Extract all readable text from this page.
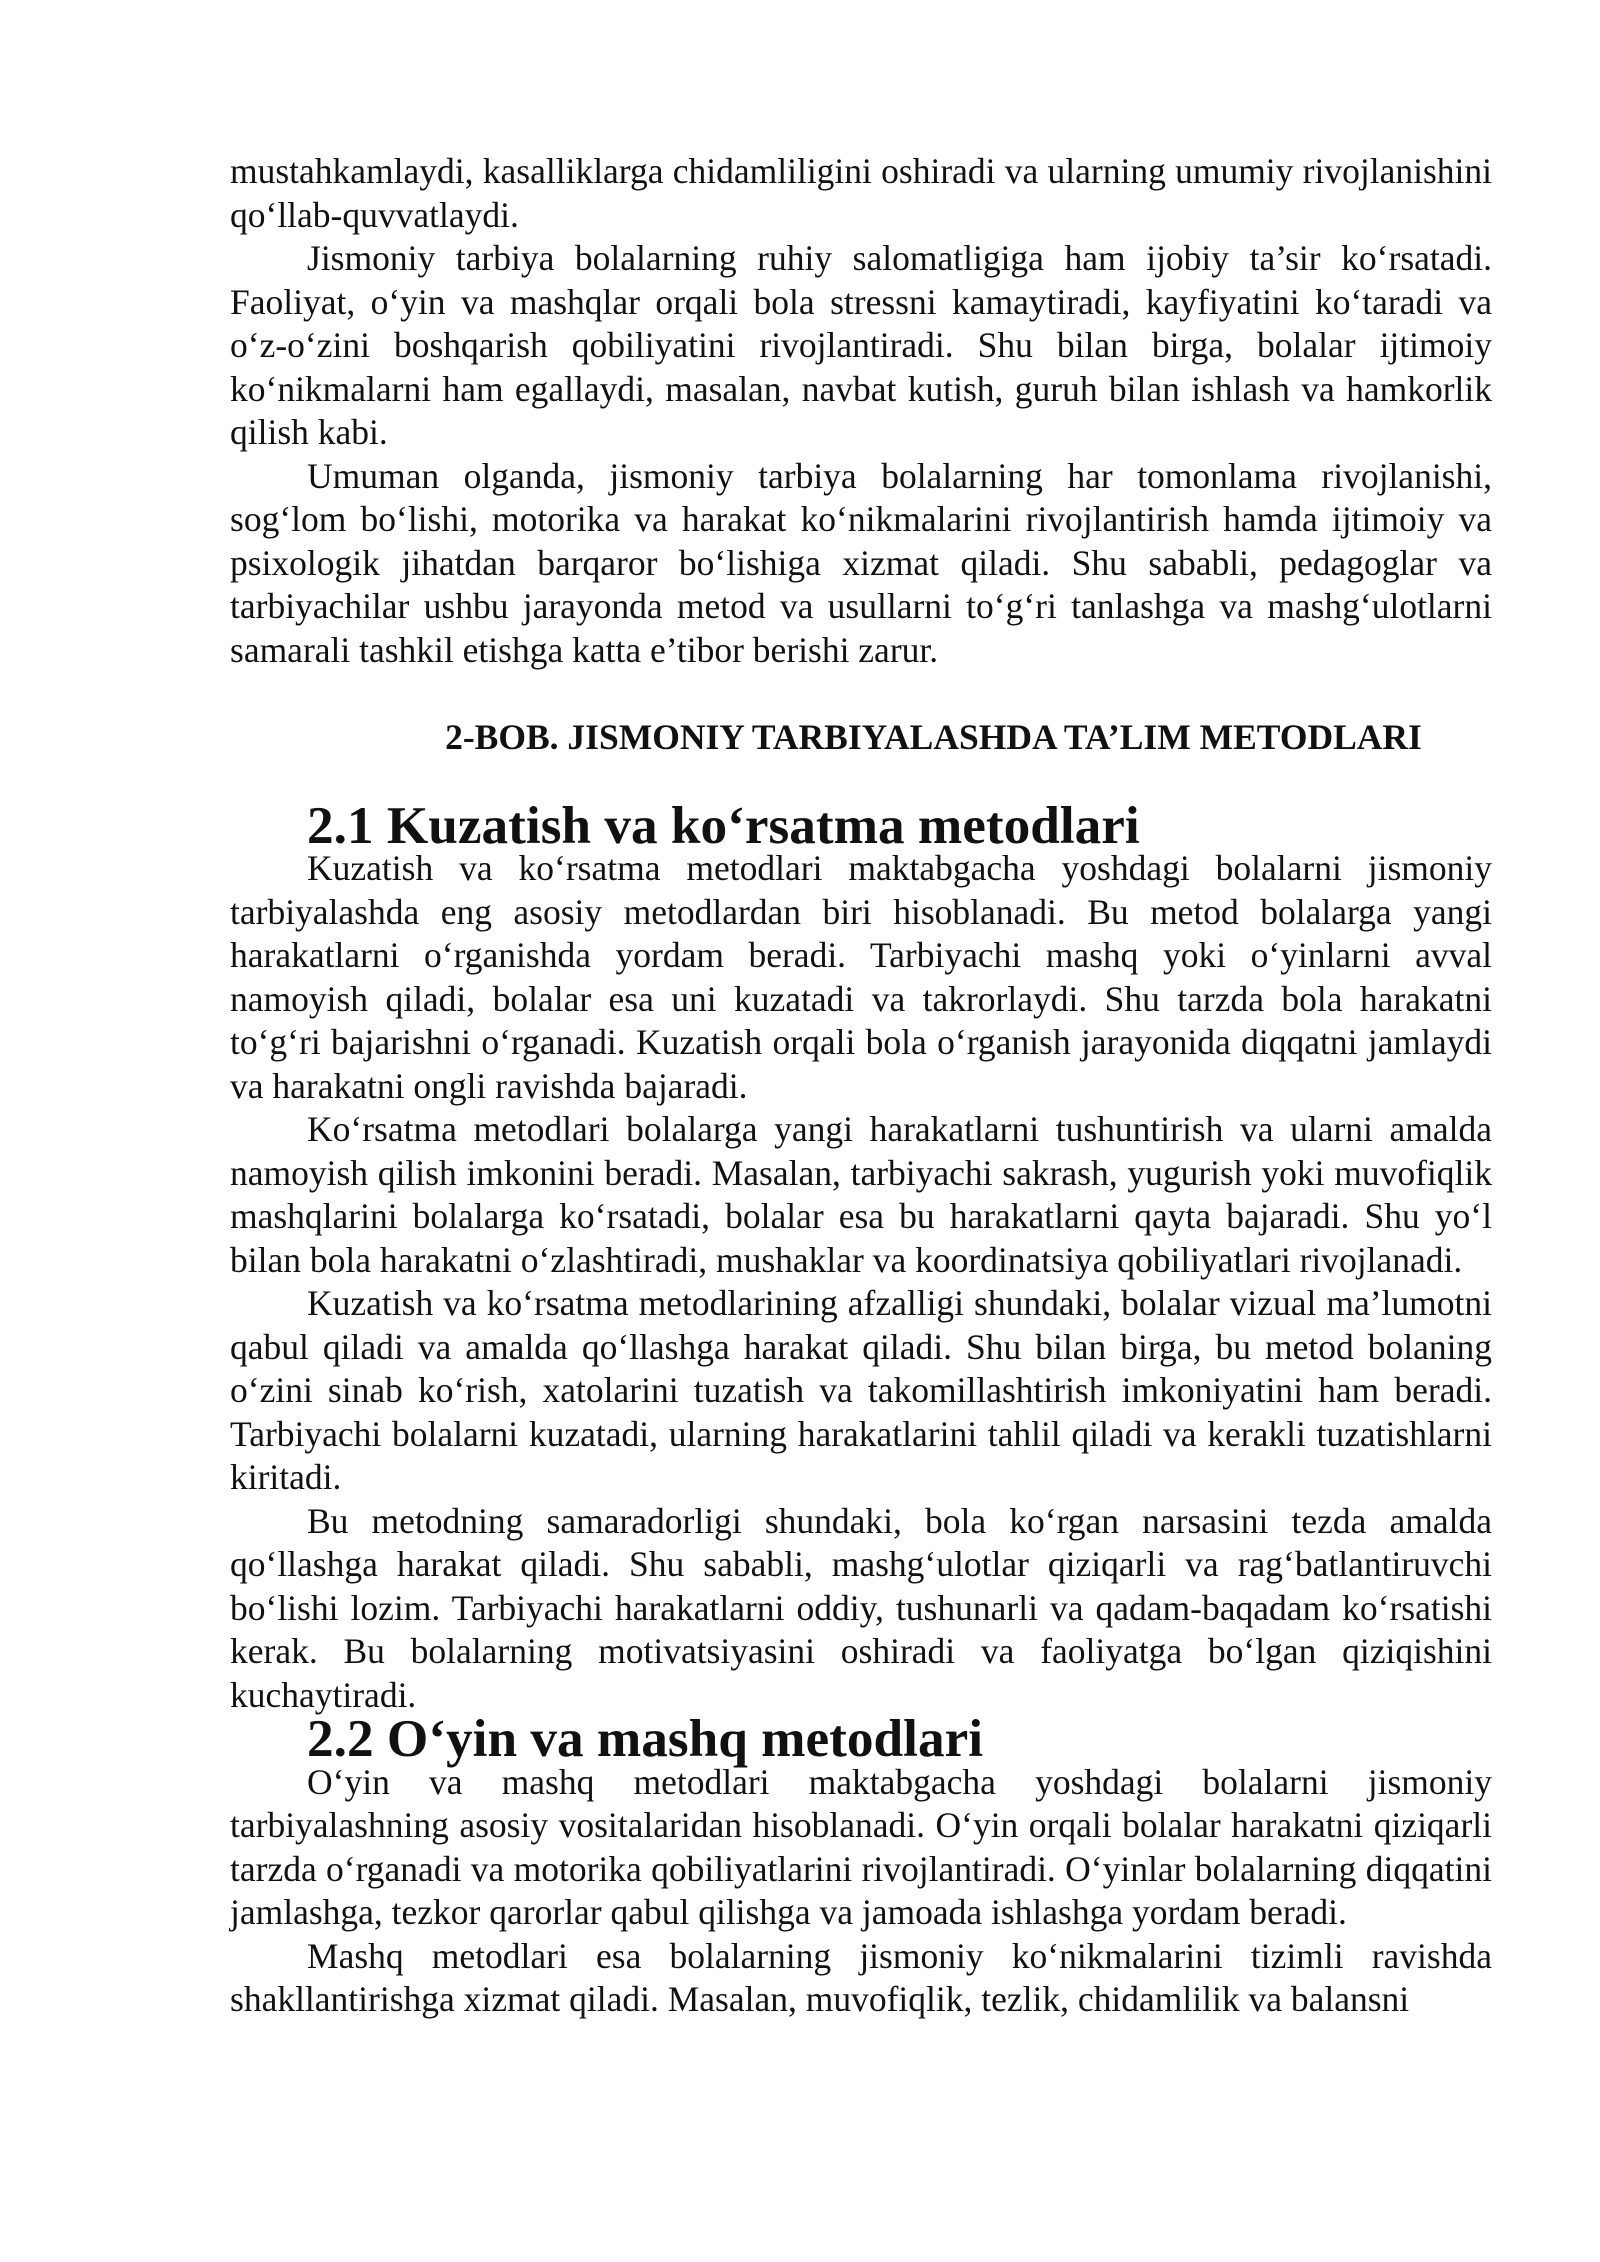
mustahkamlaydi, kasalliklarga chidamliligini oshiradi va ularning umumiy rivojlanishini qo‘llab-quvvatlaydi.

Jismoniy tarbiya bolalarning ruhiy salomatligiga ham ijobiy ta’sir ko‘rsatadi. Faoliyat, o‘yin va mashqlar orqali bola stressni kamaytiradi, kayfiyatini ko‘taradi va o‘z-o‘zini boshqarish qobiliyatini rivojlantiradi. Shu bilan birga, bolalar ijtimoiy ko‘nikmalarni ham egallaydi, masalan, navbat kutish, guruh bilan ishlash va hamkorlik qilish kabi.

Umuman olganda, jismoniy tarbiya bolalarning har tomonlama rivojlanishi, sog‘lom bo‘lishi, motorika va harakat ko‘nikmalarini rivojlantirish hamda ijtimoiy va psixologik jihatdan barqaror bo‘lishiga xizmat qiladi. Shu sababli, pedagoglar va tarbiyachilar ushbu jarayonda metod va usullarni to‘g‘ri tanlashga va mashg‘ulotlarni samarali tashkil etishga katta e’tibor berishi zarur.

2-BOB. JISMONIY TARBIYALASHDA TA’LIM METODLARI
2.1 Kuzatish va ko‘rsatma metodlari

Kuzatish va ko‘rsatma metodlari maktabgacha yoshdagi bolalarni jismoniy tarbiyalashda eng asosiy metodlardan biri hisoblanadi. Bu metod bolalarga yangi harakatlarni o‘rganishda yordam beradi. Tarbiyachi mashq yoki o‘yinlarni avval namoyish qiladi, bolalar esa uni kuzatadi va takrorlaydi. Shu tarzda bola harakatni to‘g‘ri bajarishni o‘rganadi. Kuzatish orqali bola o‘rganish jarayonida diqqatni jamlaydi va harakatni ongli ravishda bajaradi.

Ko‘rsatma metodlari bolalarga yangi harakatlarni tushuntirish va ularni amalda namoyish qilish imkonini beradi. Masalan, tarbiyachi sakrash, yugurish yoki muvofiqlik mashqlarini bolalarga ko‘rsatadi, bolalar esa bu harakatlarni qayta bajaradi. Shu yo‘l bilan bola harakatni o‘zlashtiradi, mushaklar va koordinatsiya qobiliyatlari rivojlanadi.

Kuzatish va ko‘rsatma metodlarining afzalligi shundaki, bolalar vizual ma’lumotni qabul qiladi va amalda qo‘llashga harakat qiladi. Shu bilan birga, bu metod bolaning o‘zini sinab ko‘rish, xatolarini tuzatish va takomillashtirish imkoniyatini ham beradi. Tarbiyachi bolalarni kuzatadi, ularning harakatlarini tahlil qiladi va kerakli tuzatishlarni kiritadi.

Bu metodning samaradorligi shundaki, bola ko‘rgan narsasini tezda amalda qo‘llashga harakat qiladi. Shu sababli, mashg‘ulotlar qiziqarli va rag‘batlantiruvchi bo‘lishi lozim. Tarbiyachi harakatlarni oddiy, tushunarli va qadam-baqadam ko‘rsatishi kerak. Bu bolalarning motivatsiyasini oshiradi va faoliyatga bo‘lgan qiziqishini kuchaytiradi.

2.2 O‘yin va mashq metodlari

O‘yin va mashq metodlari maktabgacha yoshdagi bolalarni jismoniy tarbiyalashning asosiy vositalaridan hisoblanadi. O‘yin orqali bolalar harakatni qiziqarli tarzda o‘rganadi va motorika qobiliyatlarini rivojlantiradi. O‘yinlar bolalarning diqqatini jamlashga, tezkor qarorlar qabul qilishga va jamoada ishlashga yordam beradi.

Mashq metodlari esa bolalarning jismoniy ko‘nikmalarini tizimli ravishda shakllantirishga xizmat qiladi. Masalan, muvofiqlik, tezlik, chidamlilik va balansni
